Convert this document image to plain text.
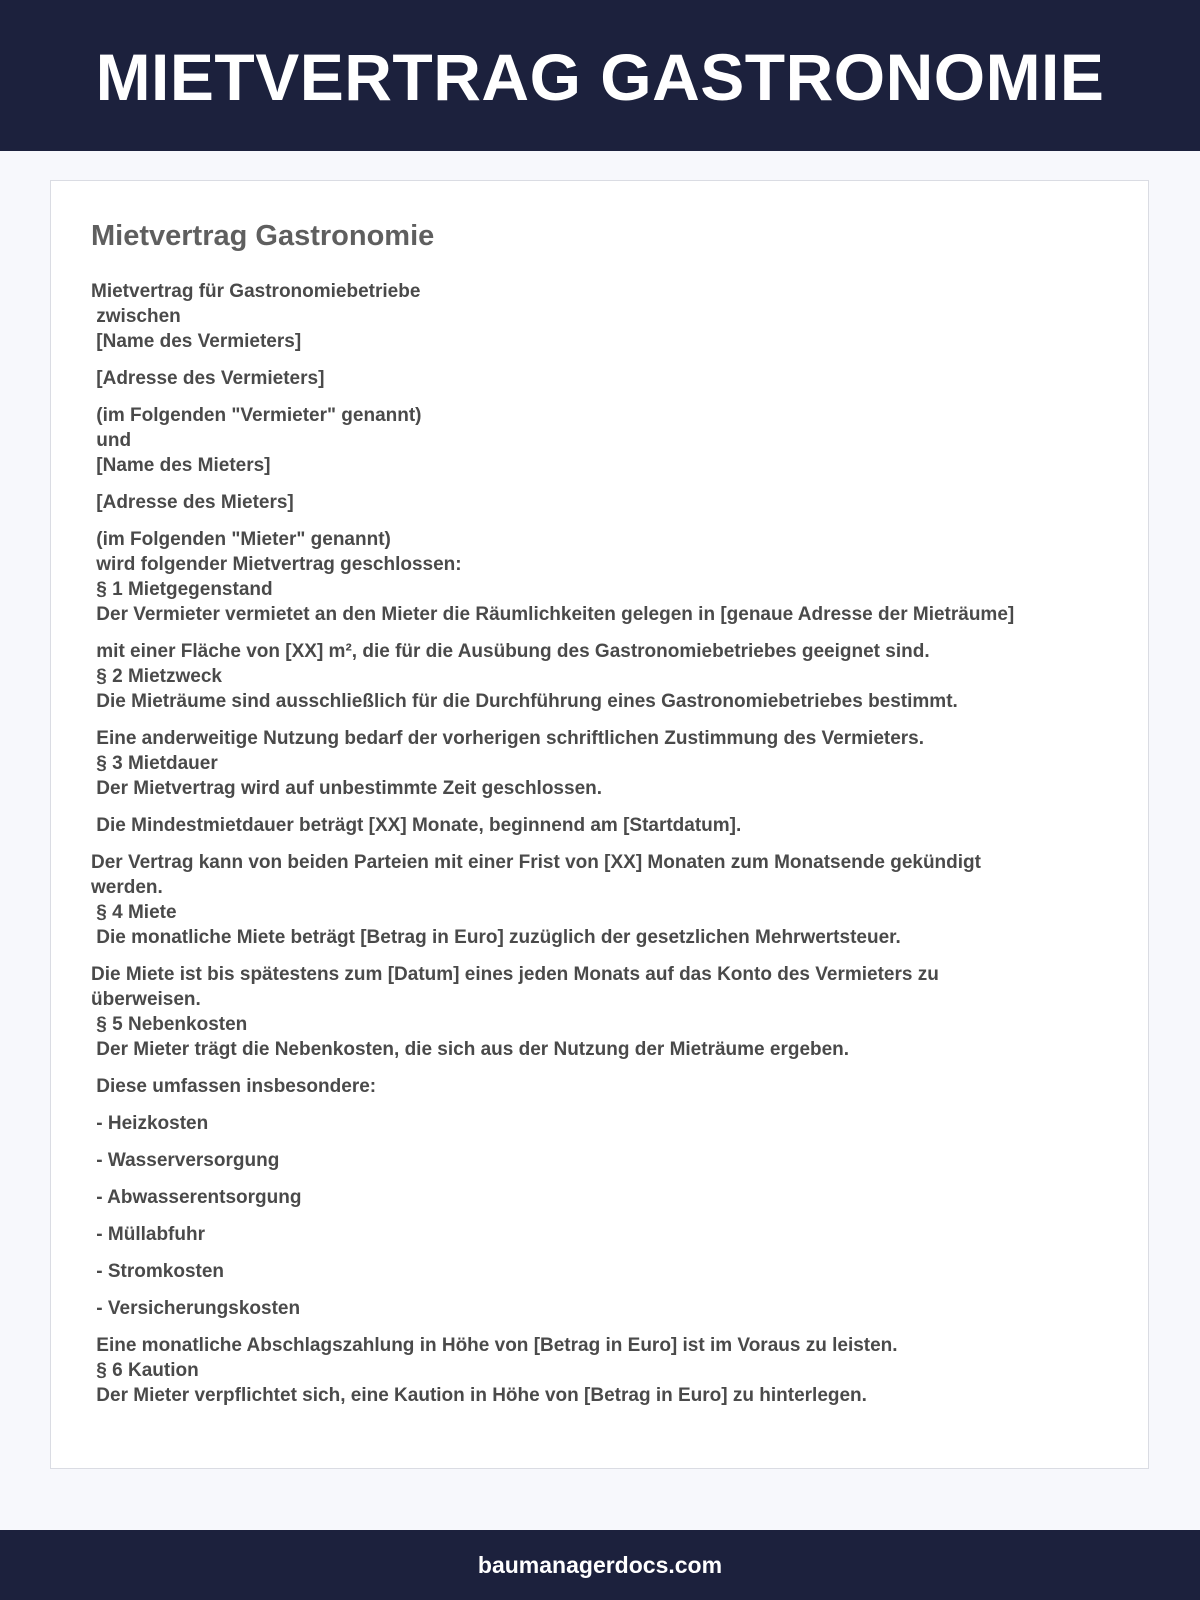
MIETVERTRAG GASTRONOMIE
Mietvertrag Gastronomie

Mietvertrag für Gastronomiebetriebe
zwischen
[Name des Vermieters]

[Adresse des Vermieters]

(im Folgenden "Vermieter" genannt)
und
[Name des Mieters]

[Adresse des Mieters]

(im Folgenden "Mieter" genannt)
wird folgender Mietvertrag geschlossen:
§ 1 Mietgegenstand
Der Vermieter vermietet an den Mieter die Räumlichkeiten gelegen in [genaue Adresse der Mieträume]

mit einer Fläche von [XX] m², die für die Ausübung des Gastronomiebetriebes geeignet sind.
§ 2 Mietzweck
Die Mieträume sind ausschließlich für die Durchführung eines Gastronomiebetriebes bestimmt.

Eine anderweitige Nutzung bedarf der vorherigen schriftlichen Zustimmung des Vermieters.
§ 3 Mietdauer
Der Mietvertrag wird auf unbestimmte Zeit geschlossen.

Die Mindestmietdauer beträgt [XX] Monate, beginnend am [Startdatum].

Der Vertrag kann von beiden Parteien mit einer Frist von [XX] Monaten zum Monatsende gekündigt
werden.
§ 4 Miete
Die monatliche Miete beträgt [Betrag in Euro] zuzüglich der gesetzlichen Mehrwertsteuer.

Die Miete ist bis spätestens zum [Datum] eines jeden Monats auf das Konto des Vermieters zu
überweisen.
§ 5 Nebenkosten
Der Mieter trägt die Nebenkosten, die sich aus der Nutzung der Mieträume ergeben.

Diese umfassen insbesondere:

- Heizkosten

- Wasserversorgung

- Abwasserentsorgung

- Müllabfuhr

- Stromkosten

- Versicherungskosten

Eine monatliche Abschlagszahlung in Höhe von [Betrag in Euro] ist im Voraus zu leisten.
§ 6 Kaution
Der Mieter verpflichtet sich, eine Kaution in Höhe von [Betrag in Euro] zu hinterlegen.

baumanagerdocs.com
